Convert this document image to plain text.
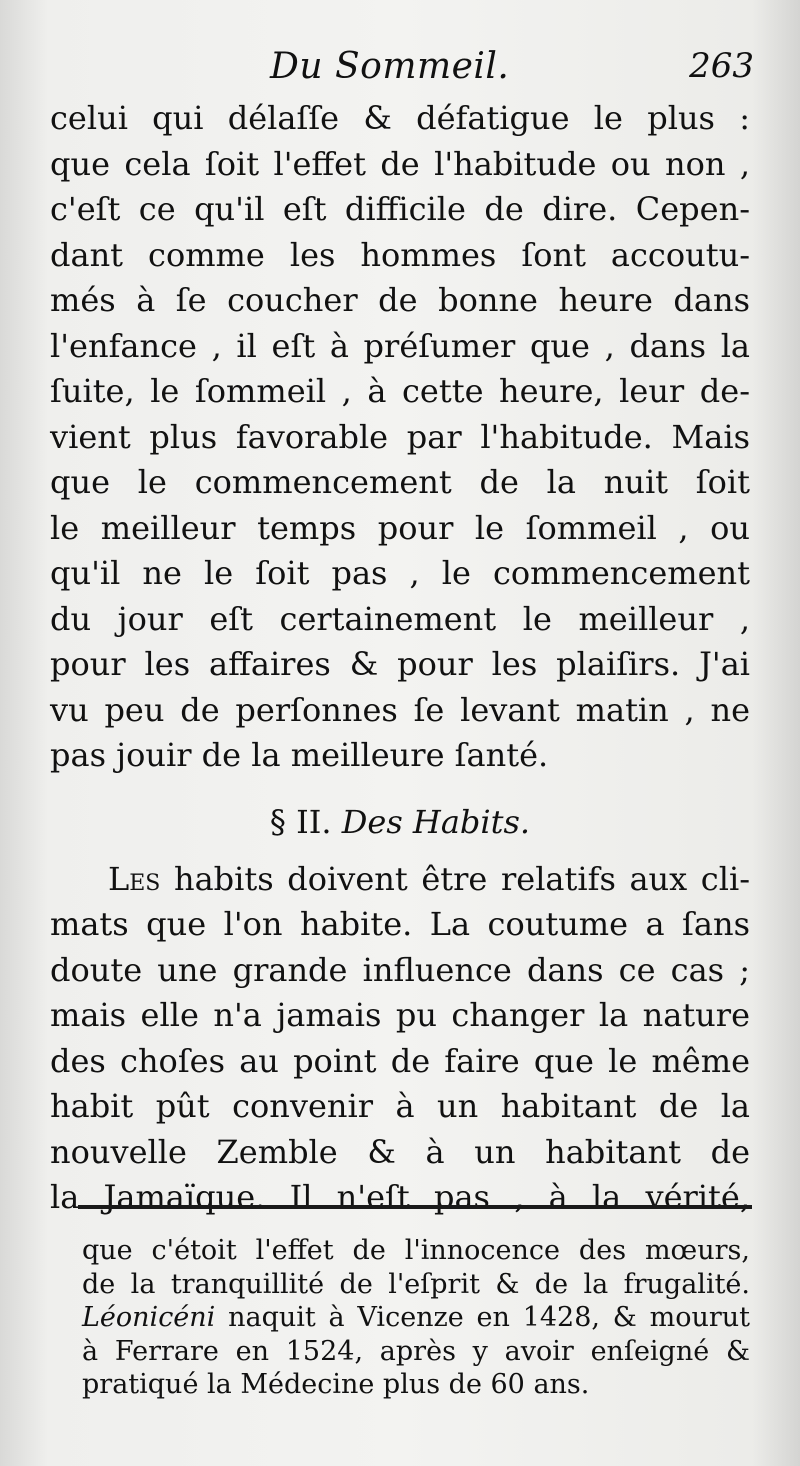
Du Sommeil.	263
celui qui délaſſe & défatigue le plus :
que cela ſoit l'effet de l'habitude ou non ,
c'eſt ce qu'il eſt difficile de dire. Cepen-
dant comme les hommes ſont accoutu-
més à ſe coucher de bonne heure dans
l'enfance , il eſt à préſumer que , dans la
ſuite, le ſommeil , à cette heure, leur de-
vient plus favorable par l'habitude. Mais
que le commencement de la nuit ſoit
le meilleur temps pour le ſommeil , ou
qu'il ne le ſoit pas , le commencement
du jour eſt certainement le meilleur ,
pour les affaires & pour les plaiſirs. J'ai
vu peu de perſonnes ſe levant matin , ne
pas jouir de la meilleure ſanté.
§ II. Des Habits.
Les habits doivent être relatifs aux cli-
mats que l'on habite. La coutume a ſans
doute une grande influence dans ce cas ;
mais elle n'a jamais pu changer la nature
des choſes au point de faire que le même
habit pût convenir à un habitant de la
nouvelle Zemble & à un habitant de
la Jamaïque. Il n'eſt pas , à la vérité,
que c'étoit l'effet de l'innocence des mœurs,
de la tranquillité de l'eſprit & de la frugalité.
Léonicéni naquit à Vicenze en 1428, & mourut
à Ferrare en 1524, après y avoir enſeigné &
pratiqué la Médecine plus de 60 ans.
